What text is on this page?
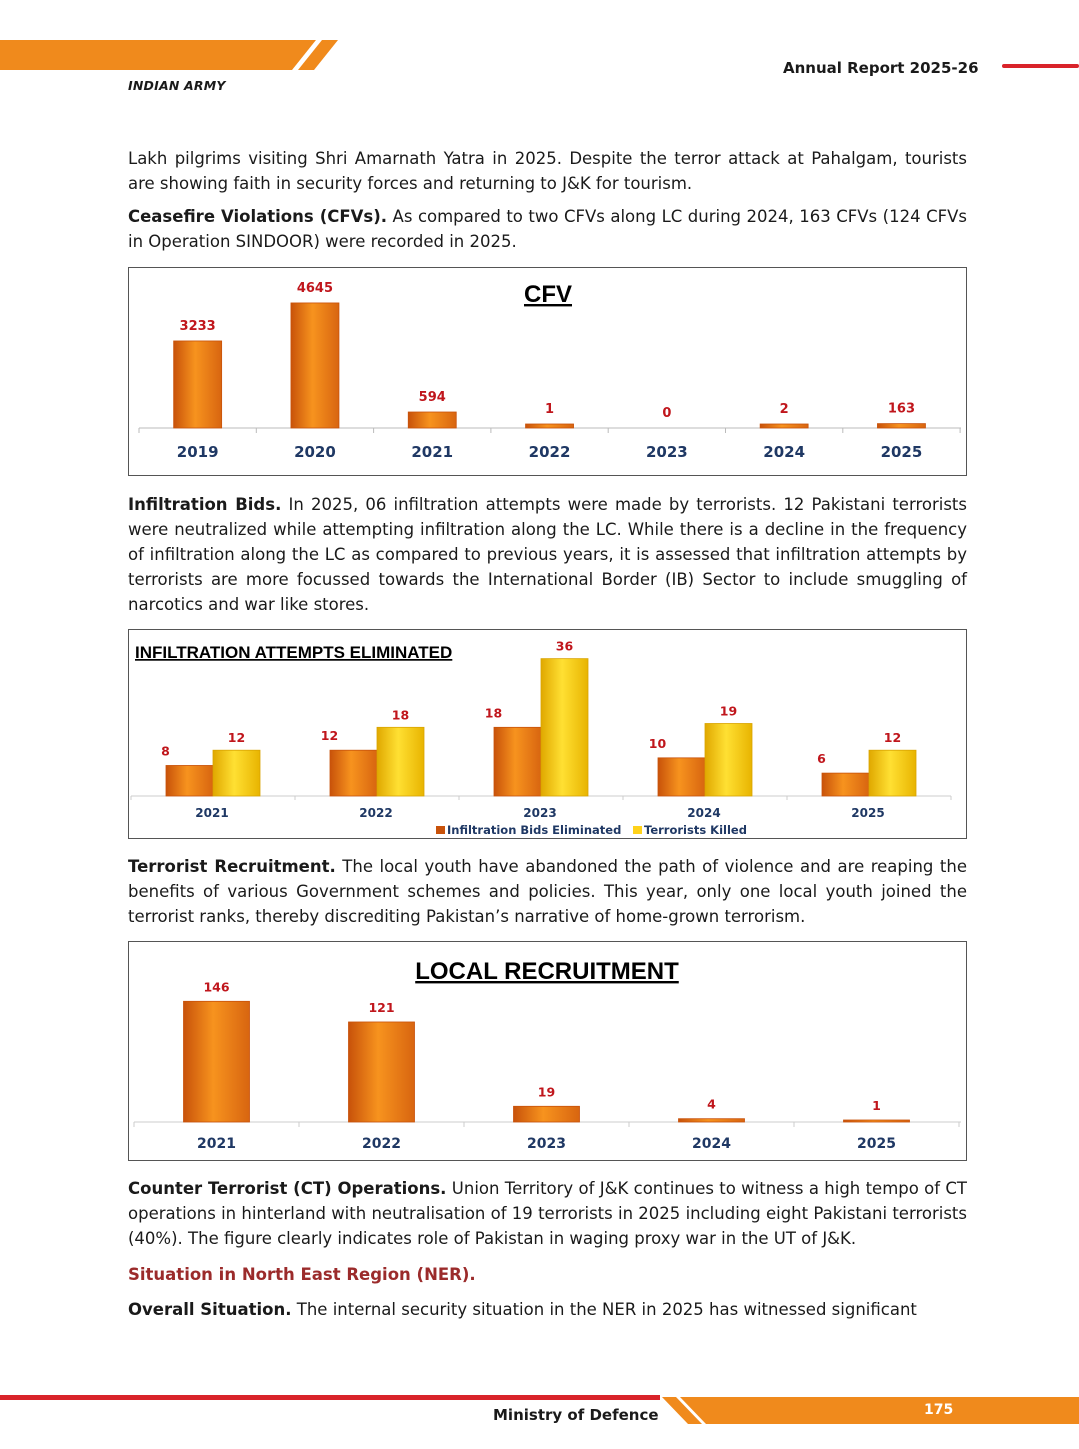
INDIAN ARMY
Annual Report 2025-26
Lakh pilgrims visiting Shri Amarnath Yatra in 2025. Despite the terror attack at Pahalgam, tourists are showing faith in security forces and returning to J&K for tourism.
Ceasefire Violations (CFVs). As compared to two CFVs along LC during 2024, 163 CFVs (124 CFVs in Operation SINDOOR) were recorded in 2025.
CFV
3233
2019
4645
2020
594
2021
1
2022
0
2023
2
2024
163
2025
Infiltration Bids. In 2025, 06 infiltration attempts were made by terrorists. 12 Pakistani terrorists were neutralized while attempting infiltration along the LC. While there is a decline in the frequency of infiltration along the LC as compared to previous years, it is assessed that infiltration attempts by terrorists are more focussed towards the International Border (IB) Sector to include smuggling of narcotics and war like stores.
INFILTRATION ATTEMPTS ELIMINATED
8
12
2021
12
18
2022
18
36
2023
10
19
2024
6
12
2025
Infiltration Bids Eliminated Terrorists Killed
Terrorist Recruitment. The local youth have abandoned the path of violence and are reaping the benefits of various Government schemes and policies. This year, only one local youth joined the terrorist ranks, thereby discrediting Pakistan’s narrative of home-grown terrorism.
LOCAL RECRUITMENT
146
2021
121
2022
19
2023
4
2024
1
2025
Counter Terrorist (CT) Operations. Union Territory of J&K continues to witness a high tempo of CT operations in hinterland with neutralisation of 19 terrorists in 2025 including eight Pakistani terrorists (40%). The figure clearly indicates role of Pakistan in waging proxy war in the UT of J&K.
Situation in North East Region (NER).
Overall Situation. The internal security situation in the NER in 2025 has witnessed significant
Ministry of Defence	175
